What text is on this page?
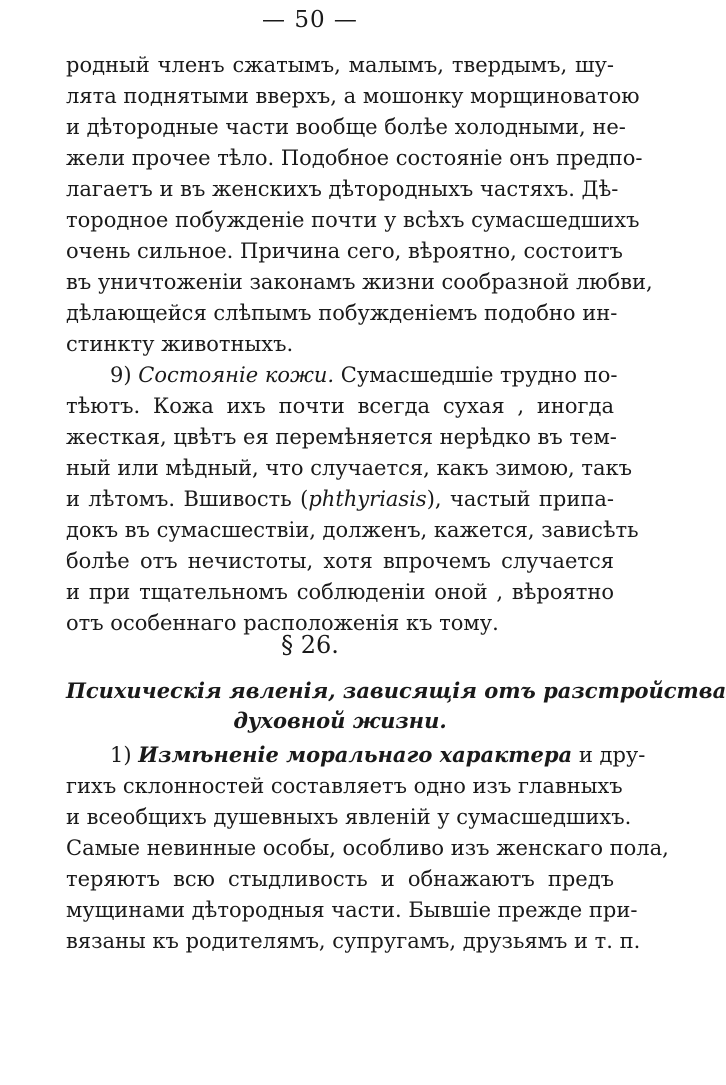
— 50 —
родный членъ сжатымъ, малымъ, твердымъ, шу-
лята поднятыми вверхъ, а мошонку морщиноватою
и дѣтородные части вообще болѣе холодными, не-
жели прочее тѣло. Подобное состояніе онъ предпо-
лагаетъ и въ женскихъ дѣтородныхъ частяхъ. Дѣ-
тородное побужденіе почти у всѣхъ сумасшедшихъ
очень сильное. Причина сего, вѣроятно, состоитъ
въ уничтоженіи законамъ жизни сообразной любви,
дѣлающейся слѣпымъ побужденіемъ подобно ин-
стинкту животныхъ.
9) Состояніе кожи. Сумасшедшіе трудно по-
тѣютъ. Кожа ихъ почти всегда сухая , иногда
жесткая, цвѣтъ ея перемѣняется нерѣдко въ тем-
ный или мѣдный, что случается, какъ зимою, такъ
и лѣтомъ. Вшивость (phthyriasis), частый припа-
докъ въ сумасшествіи, долженъ, кажется, зависѣть
болѣе отъ нечистоты, хотя впрочемъ случается
и при тщательномъ соблюденіи оной , вѣроятно
отъ особеннаго расположенія къ тому.
§ 26.
Психическія явленія, зависящія отъ разстройства
духовной жизни.
1) Измѣненіе моральнаго характера и дру-
гихъ склонностей составляетъ одно изъ главныхъ
и всеобщихъ душевныхъ явленій у сумасшедшихъ.
Самые невинные особы, особливо изъ женскаго пола,
теряютъ всю стыдливость и обнажаютъ предъ
мущинами дѣтородныя части. Бывшіе прежде при-
вязаны къ родителямъ, супругамъ, друзьямъ и т. п.
